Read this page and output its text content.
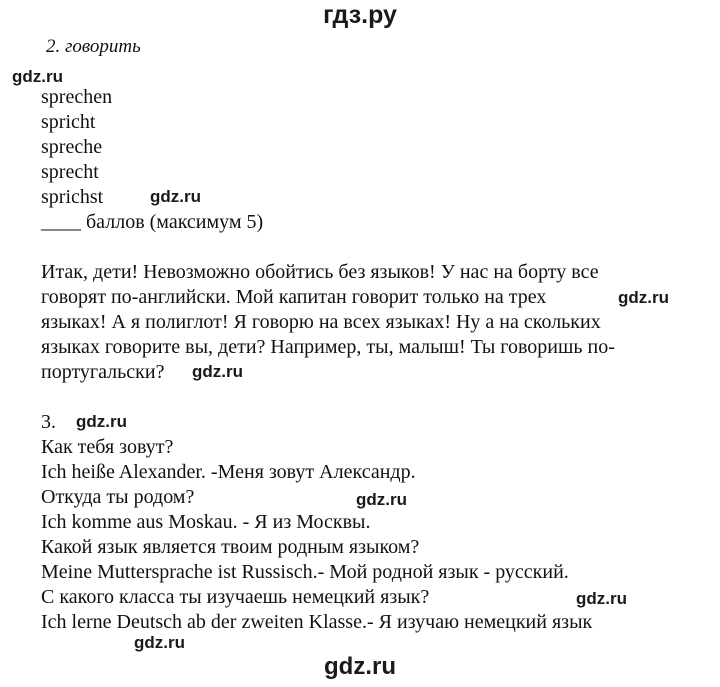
гдз.ру
2. говорить
gdz.ru
sprechen
spricht
spreche
sprecht
sprichst	gdz.ru
____ баллов (максимум 5)
Итак, дети! Невозможно обойтись без языков! У нас на борту все
говорят по-английски. Мой капитан говорит только на трех	gdz.ru
языках! А я полиглот! Я говорю на всех языках! Ну а на скольких
языках говорите вы, дети? Например, ты, малыш! Ты говоришь по-
португальски? gdz.ru
3. gdz.ru
Как тебя зовут?
Ich heiße Alexander. -Меня зовут Александр.
Откуда ты родом?	gdz.ru
Ich komme aus Moskau. - Я из Москвы.
Какой язык является твоим родным языком?
Meine Muttersprache ist Russisch.- Мой родной язык - русский.
С какого класса ты изучаешь немецкий язык?	gdz.ru
Ich lerne Deutsch ab der zweiten Klasse.- Я изучаю немецкий язык
gdz.ru
gdz.ru
